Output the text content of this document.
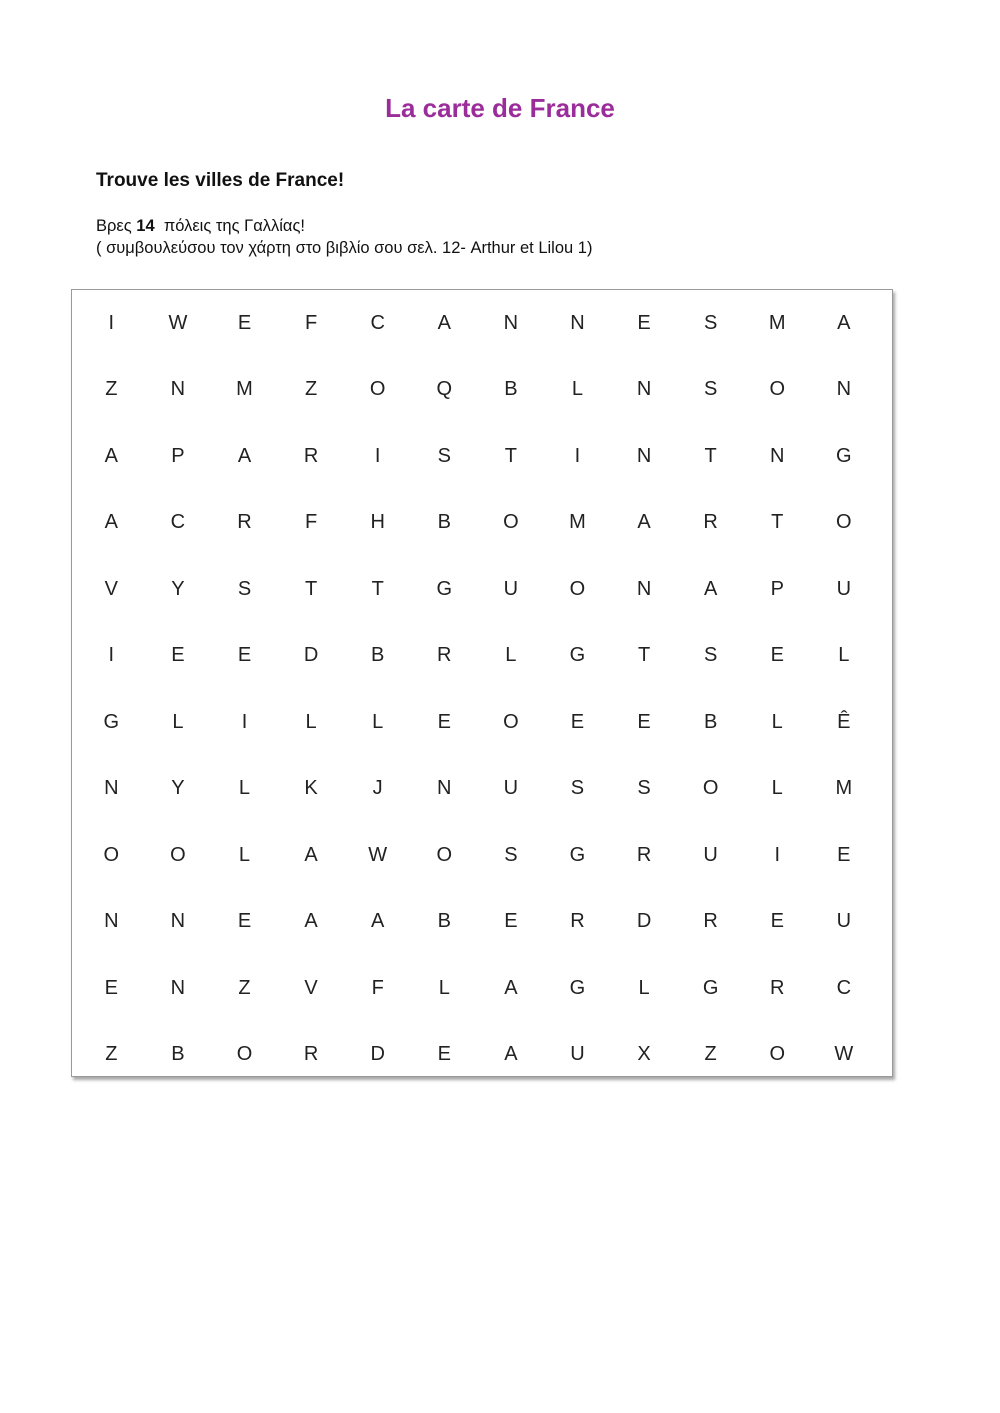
La carte de France
Trouve les villes de France!
Βρες 14  πόλεις της Γαλλίας!
( συμβουλεύσου τον χάρτη στο βιβλίο σου σελ. 12- Arthur et Lilou 1)
I	W	E	F	C	A	N	N	E	S	M	A
Z	N	M	Z	O	Q	B	L	N	S	O	N
A	P	A	R	I	S	T	I	N	T	N	G
A	C	R	F	H	B	O	M	A	R	T	O
V	Y	S	T	T	G	U	O	N	A	P	U
I	E	E	D	B	R	L	G	T	S	E	L
G	L	I	L	L	E	O	E	E	B	L	Ê
N	Y	L	K	J	N	U	S	S	O	L	M
O	O	L	A	W	O	S	G	R	U	I	E
N	N	E	A	A	B	E	R	D	R	E	U
E	N	Z	V	F	L	A	G	L	G	R	C
Z	B	O	R	D	E	A	U	X	Z	O	W
